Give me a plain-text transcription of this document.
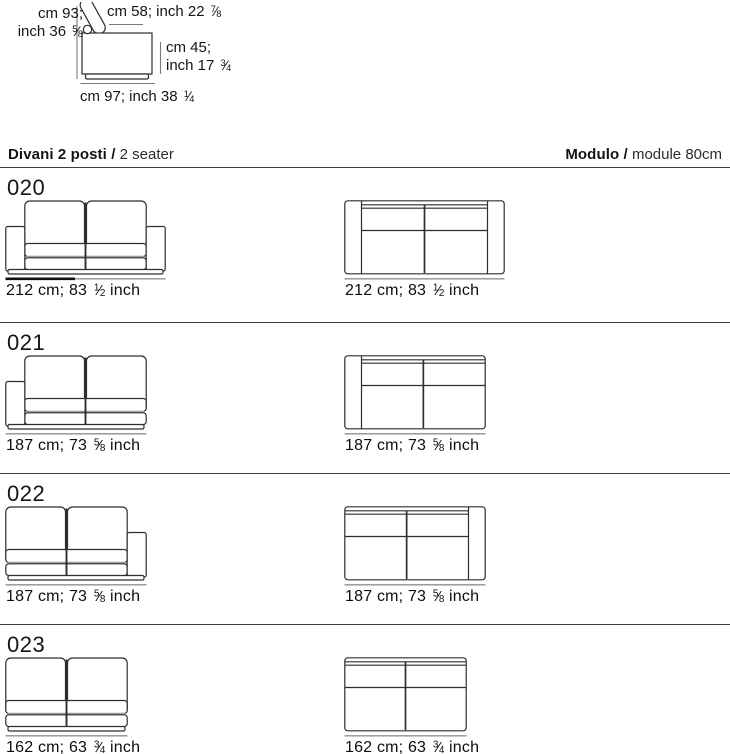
cm 93;
inch 36 $^5⁄_8$
cm 58; inch 22 $^7⁄_8$
cm 45;
inch 17 $^3⁄_4$
cm 97; inch 38 $^1⁄_4$
Divani 2 posti / 2 seater	Modulo / module 80cm
020
212 cm; 83 $^1⁄_2$ inch	212 cm; 83 $^1⁄_2$ inch
021
187 cm; 73 $^5⁄_8$ inch	187 cm; 73 $^5⁄_8$ inch
022
187 cm; 73 $^5⁄_8$ inch	187 cm; 73 $^5⁄_8$ inch
023
162 cm; 63 $^3⁄_4$ inch	162 cm; 63 $^3⁄_4$ inch
